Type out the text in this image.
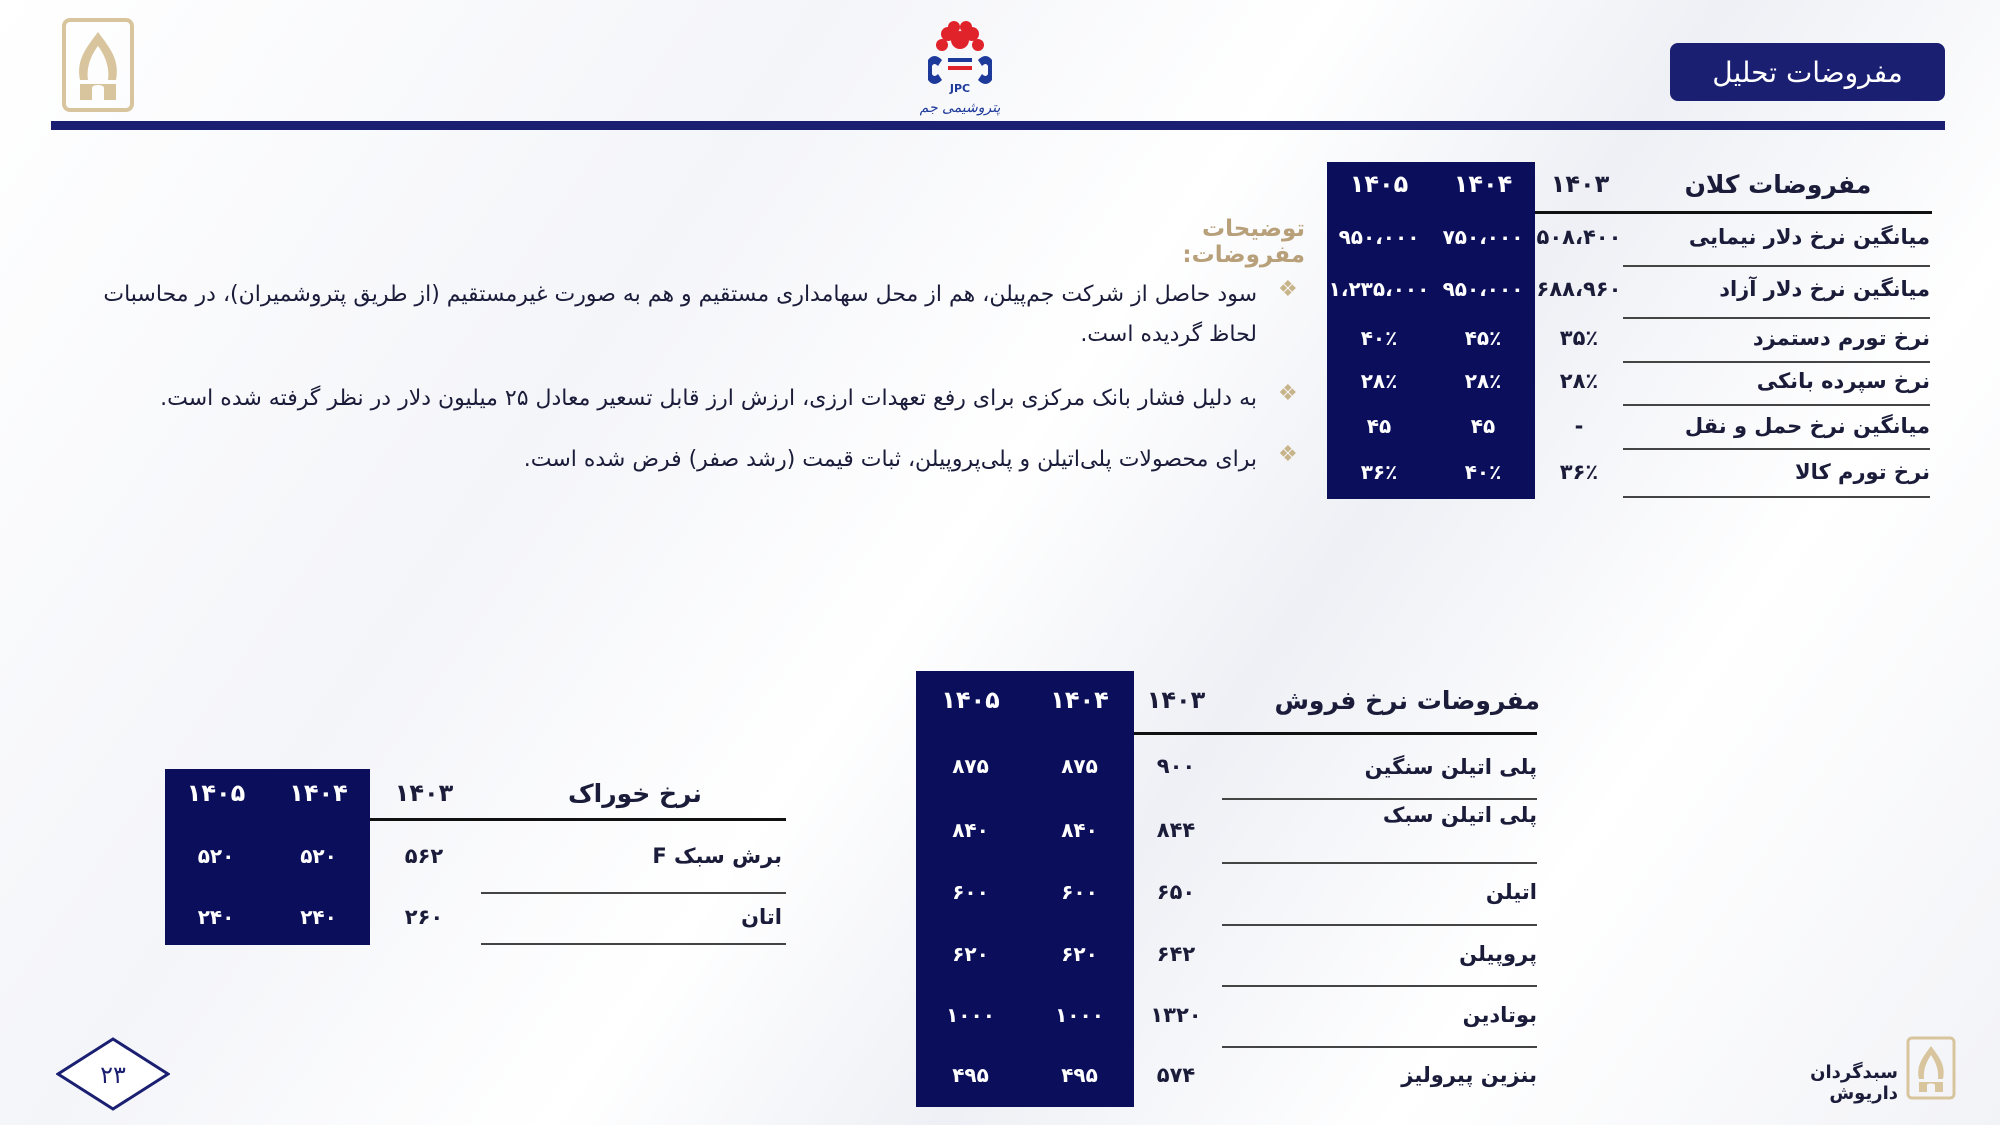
مفروضات تحلیل
JPC
پتروشیمی جم
مفروضات کلان
۱۴۰۳
۱۴۰۴
۱۴۰۵
میانگین نرخ دلار نیمایی
۵۰۸،۴۰۰
۷۵۰،۰۰۰
۹۵۰،۰۰۰
میانگین نرخ دلار آزاد
۶۸۸،۹۶۰
۹۵۰،۰۰۰
۱،۲۳۵،۰۰۰
نرخ تورم دستمزد
۳۵٪
۴۵٪
۴۰٪
نرخ سپرده بانکی
۲۸٪
۲۸٪
۲۸٪
میانگین نرخ حمل و نقل
-
۴۵
۴۵
نرخ تورم کالا
۳۶٪
۴۰٪
۳۶٪
توضیحات مفروضات:
❖
سود حاصل از شرکت جم‌پیلن، هم از محل سهامداری مستقیم و هم به صورت غیرمستقیم (از طریق پتروشمیران)، در محاسبات لحاظ گردیده است.
❖
به دلیل فشار بانک مرکزی برای رفع تعهدات ارزی، ارزش ارز قابل تسعیر معادل ۲۵ میلیون دلار در نظر گرفته شده است.
❖
برای محصولات پلی‌اتیلن و پلی‌پروپیلن، ثبات قیمت (رشد صفر) فرض شده است.
مفروضات نرخ فروش
۱۴۰۳
۱۴۰۴
۱۴۰۵
پلی اتیلن سنگین
۹۰۰
۸۷۵
۸۷۵
پلی اتیلن سبک
۸۴۴
۸۴۰
۸۴۰
اتیلن
۶۵۰
۶۰۰
۶۰۰
پروپیلن
۶۴۲
۶۲۰
۶۲۰
بوتادین
۱۳۲۰
۱۰۰۰
۱۰۰۰
بنزین پیرولیز
۵۷۴
۴۹۵
۴۹۵
نرخ خوراک
۱۴۰۳
۱۴۰۴
۱۴۰۵
برش سبک F
۵۶۲
۵۲۰
۵۲۰
اتان
۲۶۰
۲۴۰
۲۴۰
سبدگردان داریوش
۲۳
